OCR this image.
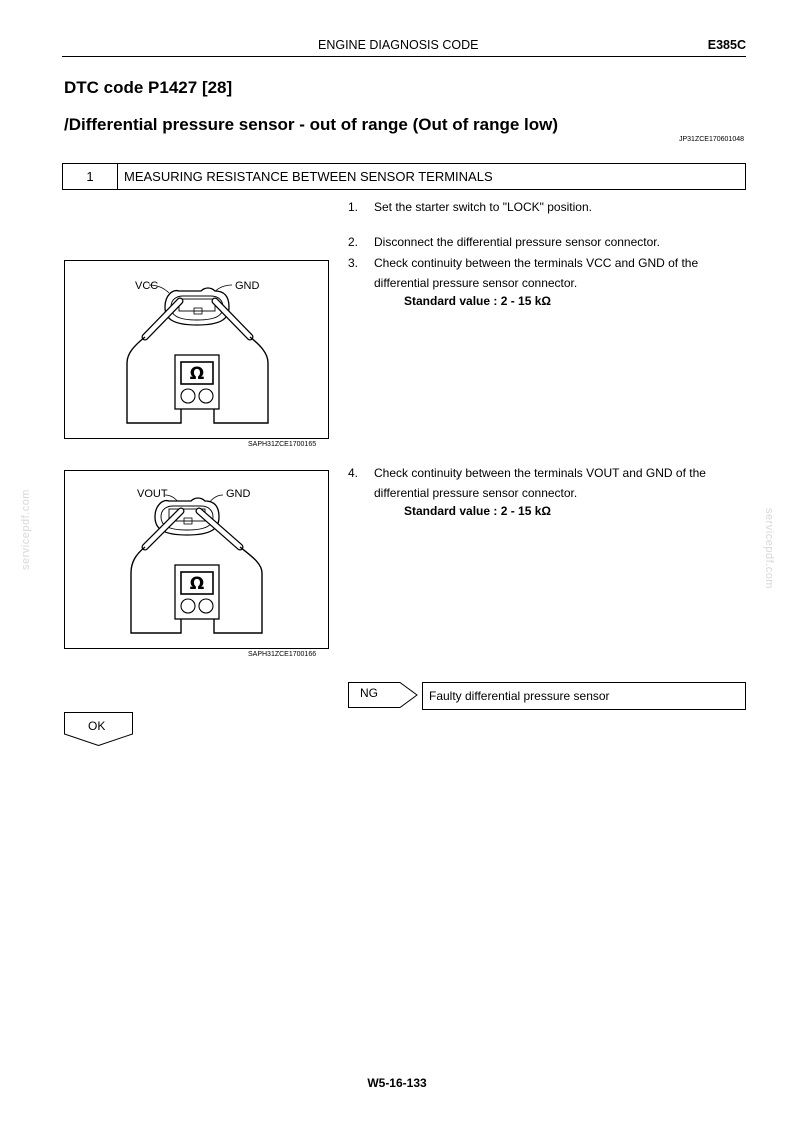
ENGINE DIAGNOSIS CODE	E385C
DTC code P1427 [28]
/Differential pressure sensor - out of range (Out of range low)
JP31ZCE170601048
1	MEASURING RESISTANCE BETWEEN SENSOR TERMINALS
1. Set the starter switch to "LOCK" position.
2. Disconnect the differential pressure sensor connector.
3. Check continuity between the terminals VCC and GND of the differential pressure sensor connector.
Standard value : 2 - 15 kΩ
4. Check continuity between the terminals VOUT and GND of the differential pressure sensor connector.
Standard value : 2 - 15 kΩ
Ω
VCC	GND
SAPH31ZCE1700165
Ω
VOUT	GND
SAPH31ZCE1700166
NG	Faulty differential pressure sensor
OK
servicepdf.com	servicepdf.com
W5-16-133
